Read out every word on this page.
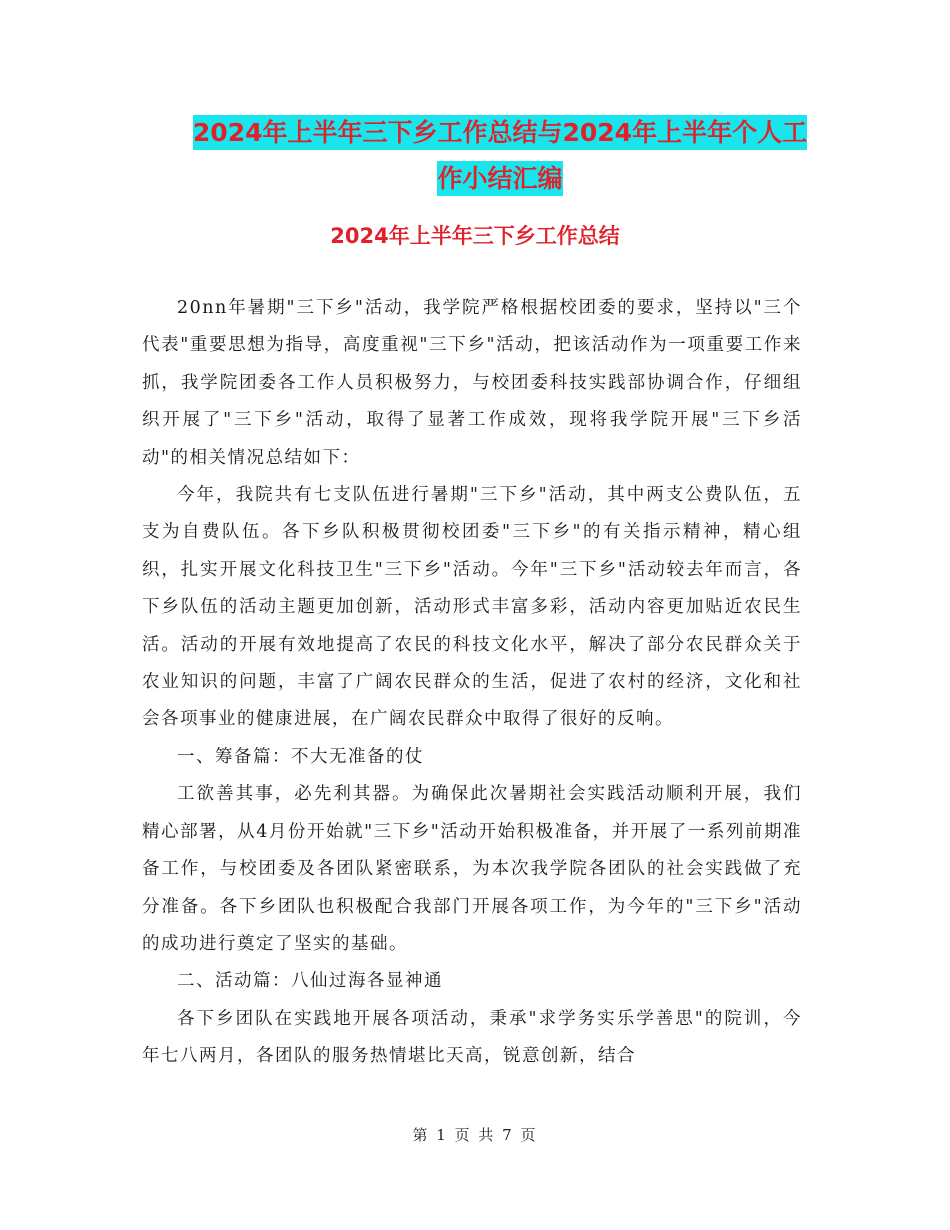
2024年上半年三下乡工作总结与2024年上半年个人工
作小结汇编
2024年上半年三下乡工作总结

20nn年暑期"三下乡"活动，我学院严格根据校团委的要求，坚持以"三个代表"重要思想为指导，高度重视"三下乡"活动，把该活动作为一项重要工作来抓，我学院团委各工作人员积极努力，与校团委科技实践部协调合作，仔细组织开展了"三下乡"活动，取得了显著工作成效，现将我学院开展"三下乡活动"的相关情况总结如下：

今年，我院共有七支队伍进行暑期"三下乡"活动，其中两支公费队伍，五支为自费队伍。各下乡队积极贯彻校团委"三下乡"的有关指示精神，精心组织，扎实开展文化科技卫生"三下乡"活动。今年"三下乡"活动较去年而言，各下乡队伍的活动主题更加创新，活动形式丰富多彩，活动内容更加贴近农民生活。活动的开展有效地提高了农民的科技文化水平，解决了部分农民群众关于农业知识的问题，丰富了广阔农民群众的生活，促进了农村的经济，文化和社会各项事业的健康进展，在广阔农民群众中取得了很好的反响。

一、筹备篇：不大无准备的仗

工欲善其事，必先利其器。为确保此次暑期社会实践活动顺利开展，我们精心部署，从4月份开始就"三下乡"活动开始积极准备，并开展了一系列前期准备工作，与校团委及各团队紧密联系，为本次我学院各团队的社会实践做了充分准备。各下乡团队也积极配合我部门开展各项工作，为今年的"三下乡"活动的成功进行奠定了坚实的基础。

二、活动篇：八仙过海各显神通

各下乡团队在实践地开展各项活动，秉承"求学务实乐学善思"的院训，今年七八两月，各团队的服务热情堪比天高，锐意创新，结合

第 1 页 共 7 页
